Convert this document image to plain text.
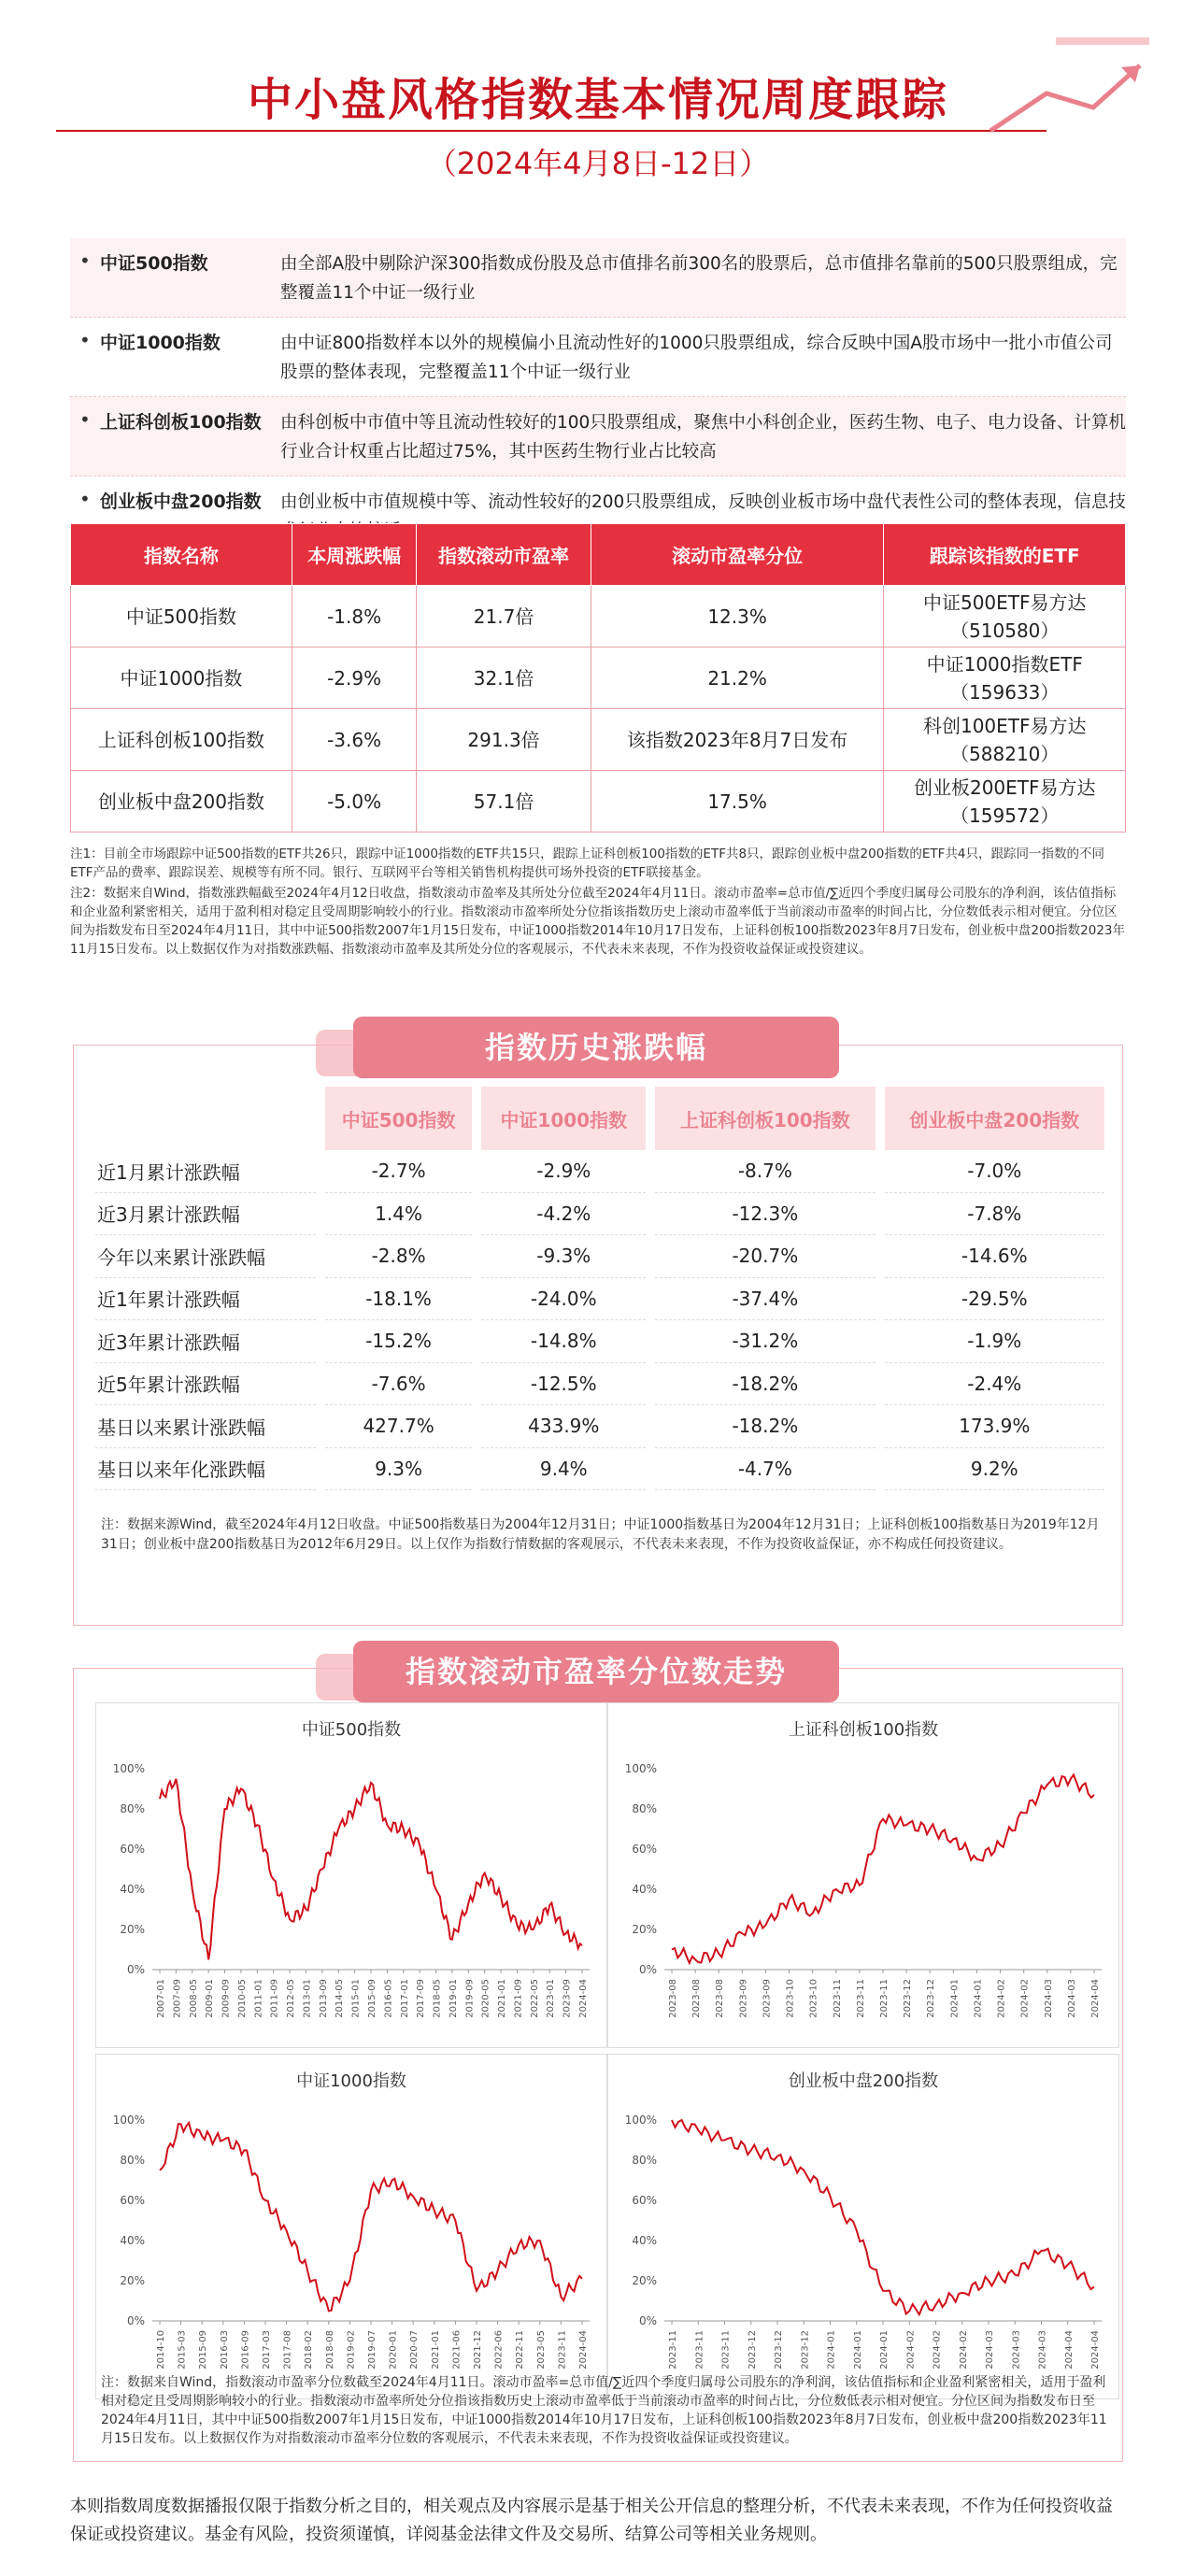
中小盘风格指数基本情况周度跟踪
（2024年4月8日-12日）
• 中证500指数	由全部A股中剔除沪深300指数成份股及总市值排名前300名的股票后，总市值排名靠前的500只股票组成，完整覆盖11个中证一级行业
• 中证1000指数	由中证800指数样本以外的规模偏小且流动性好的1000只股票组成，综合反映中国A股市场中一批小市值公司股票的整体表现，完整覆盖11个中证一级行业
• 上证科创板100指数	由科创板中市值中等且流动性较好的100只股票组成，聚焦中小科创企业，医药生物、电子、电力设备、计算机行业合计权重占比超过75%，其中医药生物行业占比较高
• 创业板中盘200指数	由创业板中市值规模中等、流动性较好的200只股票组成，反映创业板市场中盘代表性公司的整体表现，信息技
指数名称	本周涨跌幅	指数滚动市盈率	滚动市盈率分位	跟踪该指数的ETF
中证500指数	-1.8%	21.7倍	12.3%	中证500ETF易方达
（510580）

中证1000指数	-2.9%	32.1倍	21.2%	中证1000指数ETF
（159633）

上证科创板100指数	-3.6%	291.3倍	该指数2023年8月7日发布	科创100ETF易方达
（588210）

创业板中盘200指数	-5.0%	57.1倍	17.5%	创业板200ETF易方达
（159572）
注1：目前全市场跟踪中证500指数的ETF共26只，跟踪中证1000指数的ETF共15只，跟踪上证科创板100指数的ETF共8只，跟踪创业板中盘200指数的ETF共4只，跟踪同一指数的不同ETF产品的费率、跟踪误差、规模等有所不同。银行、互联网平台等相关销售机构提供可场外投资的ETF联接基金。
注2：数据来自Wind，指数涨跌幅截至2024年4月12日收盘，指数滚动市盈率及其所处分位截至2024年4月11日。滚动市盈率=总市值/∑近四个季度归属母公司股东的净利润，该估值指标和企业盈利紧密相关，适用于盈利相对稳定且受周期影响较小的行业。指数滚动市盈率所处分位指该指数历史上滚动市盈率低于当前滚动市盈率的时间占比，分位数低表示相对便宜。分位区间为指数发布日至2024年4月11日，其中中证500指数2007年1月15日发布，中证1000指数2014年10月17日发布，上证科创板100指数2023年8月7日发布，创业板中盘200指数2023年11月15日发布。以上数据仅作为对指数涨跌幅、指数滚动市盈率及其所处分位的客观展示，不代表未来表现，不作为投资收益保证或投资建议。
指数历史涨跌幅
	中证500指数	中证1000指数	上证科创板100指数	创业板中盘200指数
近1月累计涨跌幅	-2.7%	-2.9%	-8.7%	-7.0%
近3月累计涨跌幅	1.4%	-4.2%	-12.3%	-7.8%
今年以来累计涨跌幅	-2.8%	-9.3%	-20.7%	-14.6%
近1年累计涨跌幅	-18.1%	-24.0%	-37.4%	-29.5%
近3年累计涨跌幅	-15.2%	-14.8%	-31.2%	-1.9%
近5年累计涨跌幅	-7.6%	-12.5%	-18.2%	-2.4%
基日以来累计涨跌幅	427.7%	433.9%	-18.2%	173.9%
基日以来年化涨跌幅	9.3%	9.4%	-4.7%	9.2%
注：数据来源Wind，截至2024年4月12日收盘。中证500指数基日为2004年12月31日；中证1000指数基日为2004年12月31日；上证科创板100指数基日为2019年12月31日；创业板中盘200指数基日为2012年6月29日。以上仅作为指数行情数据的客观展示，不代表未来表现，不作为投资收益保证，亦不构成任何投资建议。
指数滚动市盈率分位数走势
中证500指数
0%
20%
40%
60%
80%
100%
2007-01 2007-09 2008-05 2009-01 2009-09 2010-05 2011-01 2011-09 2012-05 2013-01 2013-09 2014-05 2015-01 2015-09 2016-05 2017-01 2017-09 2018-05 2019-01 2019-09 2020-05 2021-01 2021-09 2022-05 2023-01 2023-09 2024-04
上证科创板100指数
0%
20%
40%
60%
80%
100%
2023-08 2023-08 2023-08 2023-09 2023-09 2023-10 2023-10 2023-11 2023-11 2023-11 2023-12 2023-12 2024-01 2024-01 2024-02 2024-02 2024-03 2024-03 2024-04
中证1000指数
0%
20%
40%
60%
80%
100%
2014-10 2015-03 2015-09 2016-03 2016-09 2017-03 2017-08 2018-02 2018-08 2019-02 2019-07 2020-01 2020-07 2021-01 2021-06 2021-12 2022-06 2022-11 2023-05 2023-11 2024-04
创业板中盘200指数
0%
20%
40%
60%
80%
100%
2023-11 2023-11 2023-11 2023-12 2023-12 2023-12 2024-01 2024-01 2024-01 2024-02 2024-02 2024-02 2024-03 2024-03 2024-03 2024-04 2024-04
注：数据来自Wind，指数滚动市盈率分位数截至2024年4月11日。滚动市盈率=总市值/∑近四个季度归属母公司股东的净利润，该估值指标和企业盈利紧密相关，适用于盈利相对稳定且受周期影响较小的行业。指数滚动市盈率所处分位指该指数历史上滚动市盈率低于当前滚动市盈率的时间占比，分位数低表示相对便宜。分位区间为指数发布日至2024年4月11日，其中中证500指数2007年1月15日发布，中证1000指数2014年10月17日发布，上证科创板100指数2023年8月7日发布，创业板中盘200指数2023年11月15日发布。以上数据仅作为对指数滚动市盈率分位数的客观展示，不代表未来表现，不作为投资收益保证或投资建议。
本则指数周度数据播报仅限于指数分析之目的，相关观点及内容展示是基于相关公开信息的整理分析，不代表未来表现，不作为任何投资收益保证或投资建议。基金有风险，投资须谨慎，详阅基金法律文件及交易所、结算公司等相关业务规则。
